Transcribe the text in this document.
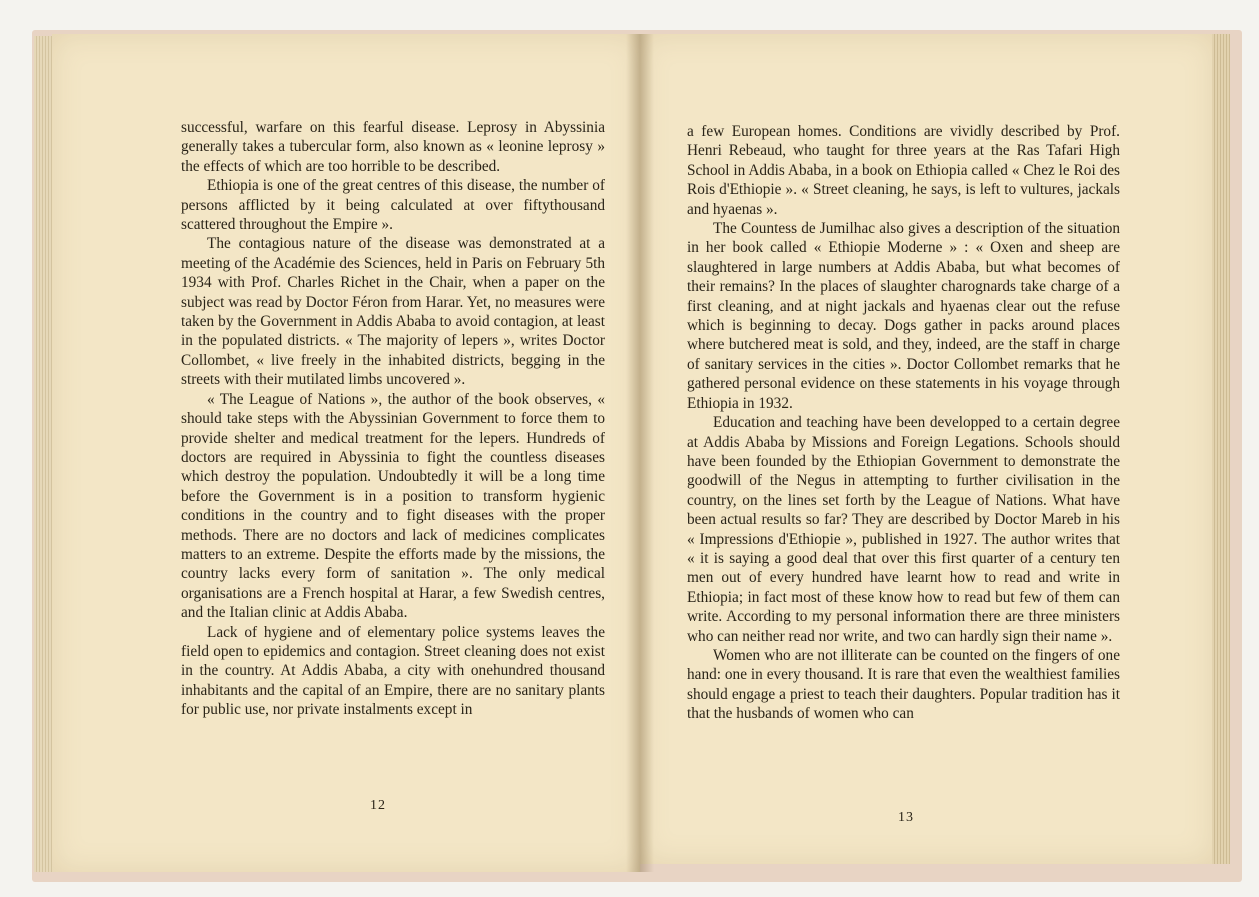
successful, warfare on this fearful disease. Leprosy in Abyssinia generally takes a tubercular form, also known as « leonine leprosy » the effects of which are too horrible to be described.

Ethiopia is one of the great centres of this disease, the number of persons afflicted by it being calculated at over fiftythousand scattered throughout the Empire ».

The contagious nature of the disease was demonstrated at a meeting of the Académie des Sciences, held in Paris on February 5th 1934 with Prof. Charles Richet in the Chair, when a paper on the subject was read by Doctor Féron from Harar. Yet, no measures were taken by the Government in Addis Ababa to avoid contagion, at least in the populated districts. « The majority of lepers », writes Doctor Collombet, « live freely in the inhabited districts, begging in the streets with their mutilated limbs uncovered ».

« The League of Nations », the author of the book observes, « should take steps with the Abyssinian Government to force them to provide shelter and medical treatment for the lepers. Hundreds of doctors are required in Abyssinia to fight the countless diseases which destroy the population. Undoubtedly it will be a long time before the Government is in a position to transform hygienic conditions in the country and to fight diseases with the proper methods. There are no doctors and lack of medicines complicates matters to an extreme. Despite the efforts made by the missions, the country lacks every form of sanitation ». The only medical organisations are a French hospital at Harar, a few Swedish centres, and the Italian clinic at Addis Ababa.

Lack of hygiene and of elementary police systems leaves the field open to epidemics and contagion. Street cleaning does not exist in the country. At Addis Ababa, a city with onehundred thousand inhabitants and the capital of an Empire, there are no sanitary plants for public use, nor private instalments except in

12

a few European homes. Conditions are vividly described by Prof. Henri Rebeaud, who taught for three years at the Ras Tafari High School in Addis Ababa, in a book on Ethiopia called « Chez le Roi des Rois d'Ethiopie ». « Street cleaning, he says, is left to vultures, jackals and hyaenas ».

The Countess de Jumilhac also gives a description of the situation in her book called « Ethiopie Moderne » : « Oxen and sheep are slaughtered in large numbers at Addis Ababa, but what becomes of their remains? In the places of slaughter charognards take charge of a first cleaning, and at night jackals and hyaenas clear out the refuse which is beginning to decay. Dogs gather in packs around places where butchered meat is sold, and they, indeed, are the staff in charge of sanitary services in the cities ». Doctor Collombet remarks that he gathered personal evidence on these statements in his voyage through Ethiopia in 1932.

Education and teaching have been developped to a certain degree at Addis Ababa by Missions and Foreign Legations. Schools should have been founded by the Ethiopian Government to demonstrate the goodwill of the Negus in attempting to further civilisation in the country, on the lines set forth by the League of Nations. What have been actual results so far? They are described by Doctor Mareb in his « Impressions d'Ethiopie », published in 1927. The author writes that « it is saying a good deal that over this first quarter of a century ten men out of every hundred have learnt how to read and write in Ethiopia; in fact most of these know how to read but few of them can write. According to my personal information there are three ministers who can neither read nor write, and two can hardly sign their name ».

Women who are not illiterate can be counted on the fingers of one hand: one in every thousand. It is rare that even the wealthiest families should engage a priest to teach their daughters. Popular tradition has it that the husbands of women who can

13
